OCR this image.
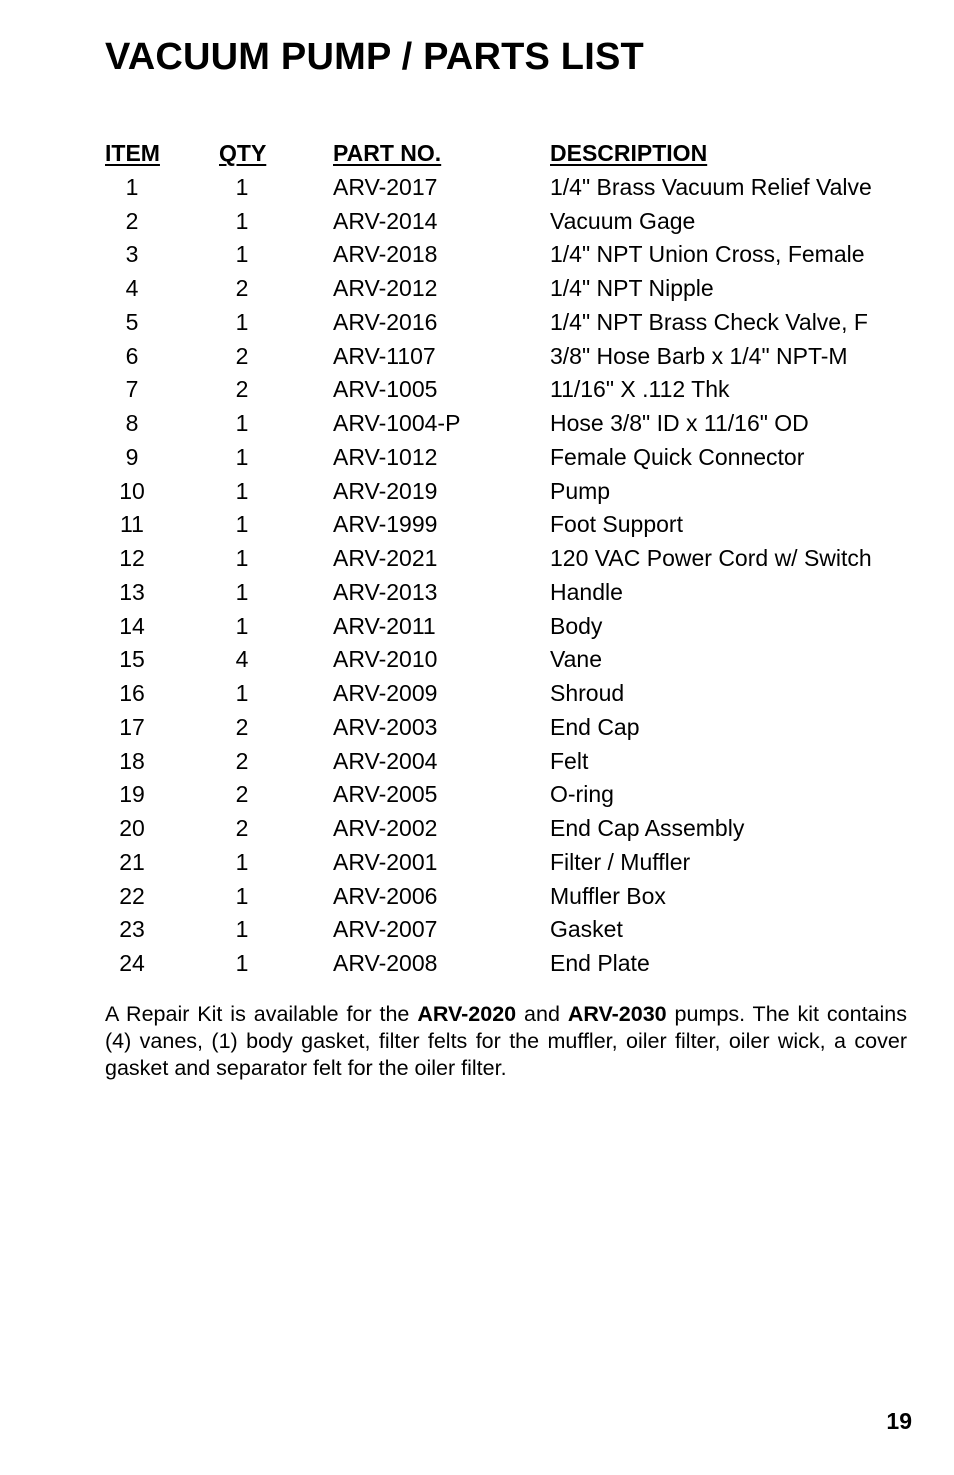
VACUUM PUMP / PARTS LIST
ITEM	QTY	PART NO.	DESCRIPTION
1	1	ARV-2017	1/4" Brass Vacuum Relief Valve
2	1	ARV-2014	Vacuum Gage
3	1	ARV-2018	1/4" NPT Union Cross, Female
4	2	ARV-2012	1/4" NPT Nipple
5	1	ARV-2016	1/4" NPT Brass Check Valve, F
6	2	ARV-1107	3/8" Hose Barb x 1/4" NPT-M
7	2	ARV-1005	11/16" X .112 Thk
8	1	ARV-1004-P	Hose 3/8" ID x 11/16" OD
9	1	ARV-1012	Female Quick Connector
10	1	ARV-2019	Pump
11	1	ARV-1999	Foot Support
12	1	ARV-2021	120 VAC Power Cord w/ Switch
13	1	ARV-2013	Handle
14	1	ARV-2011	Body
15	4	ARV-2010	Vane
16	1	ARV-2009	Shroud
17	2	ARV-2003	End Cap
18	2	ARV-2004	Felt
19	2	ARV-2005	O-ring
20	2	ARV-2002	End Cap Assembly
21	1	ARV-2001	Filter / Muffler
22	1	ARV-2006	Muffler Box
23	1	ARV-2007	Gasket
24	1	ARV-2008	End Plate

A Repair Kit is available for the ARV-2020 and ARV-2030 pumps. The kit contains (4) vanes, (1) body gasket, filter felts for the muffler, oiler filter, oiler wick, a cover gasket and separator felt for the oiler filter.

19
